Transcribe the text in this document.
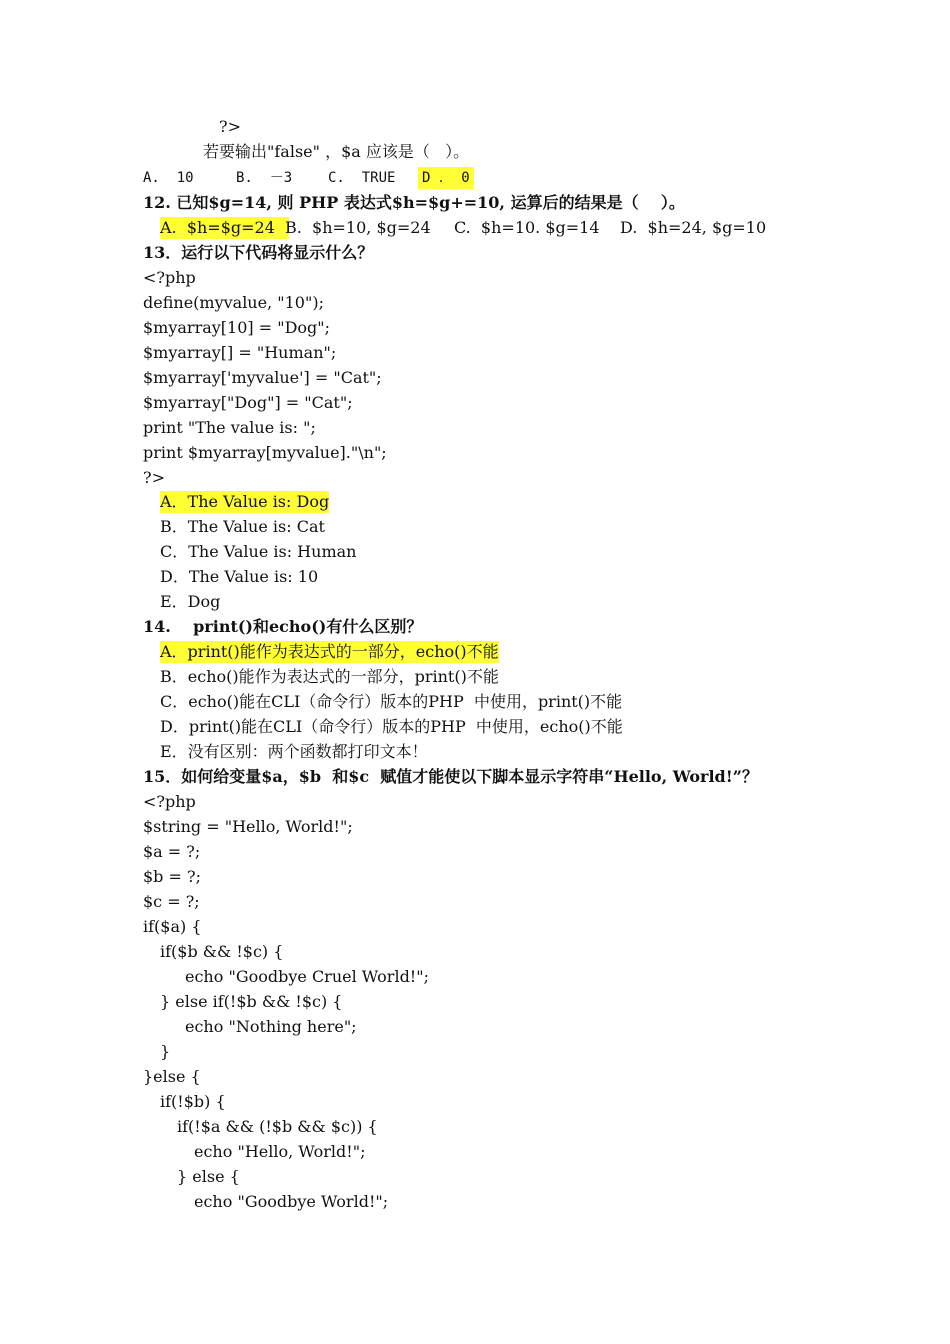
?>
若要输出"false" ，$a 应该是（   ）。
A.  10	B.  －3	C.  TRUE D ． 0
12. 已知$g=14, 则 PHP 表达式$h=$g+=10, 运算后的结果是（    ）。
A.  $h=$g=24 B.  $h=10, $g=24 C.  $h=10. $g=14 D.  $h=24, $g=10
13．运行以下代码将显示什么？
<?php
define(myvalue, "10");
$myarray[10] = "Dog";
$myarray[] = "Human";
$myarray['myvalue'] = "Cat";
$myarray["Dog"] = "Cat";
print "The value is: ";
print $myarray[myvalue]."\n";
?>
A．The Value is: Dog
B．The Value is: Cat
C．The Value is: Human
D．The Value is: 10
E．Dog
14.    print()和echo()有什么区别？
A．print()能作为表达式的一部分，echo()不能
B．echo()能作为表达式的一部分，print()不能
C．echo()能在CLI（命令行）版本的PHP  中使用，print()不能
D．print()能在CLI（命令行）版本的PHP  中使用，echo()不能
E．没有区别：两个函数都打印文本！
15．如何给变量$a，$b  和$c  赋值才能使以下脚本显示字符串“Hello, World!”？
<?php
$string = "Hello, World!";
$a = ?;
$b = ?;
$c = ?;
if($a) {
if($b && !$c) {
echo "Goodbye Cruel World!";
} else if(!$b && !$c) {
echo "Nothing here";
}
}else {
if(!$b) {
if(!$a && (!$b && $c)) {
echo "Hello, World!";
} else {
echo "Goodbye World!";
